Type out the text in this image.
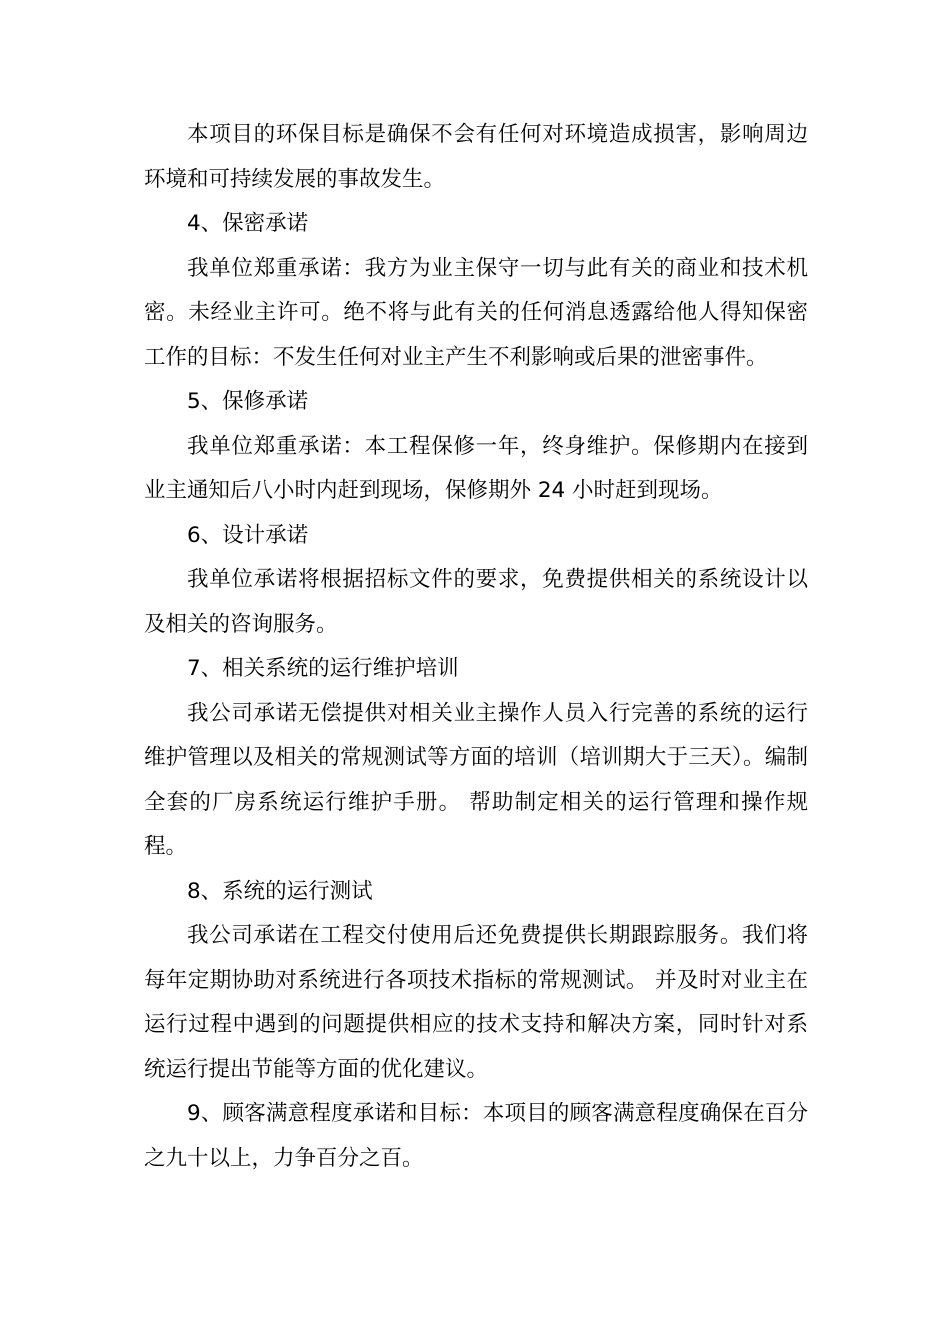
本项目的环保目标是确保不会有任何对环境造成损害，影响周边环境和可持续发展的事故发生。

4、保密承诺

我单位郑重承诺：我方为业主保守一切与此有关的商业和技术机密。未经业主许可。绝不将与此有关的任何消息透露给他人得知保密工作的目标：不发生任何对业主产生不利影响或后果的泄密事件。

5、保修承诺

我单位郑重承诺：本工程保修一年，终身维护。保修期内在接到业主通知后八小时内赶到现场，保修期外 24 小时赶到现场。

6、设计承诺

我单位承诺将根据招标文件的要求，免费提供相关的系统设计以及相关的咨询服务。

7、相关系统的运行维护培训

我公司承诺无偿提供对相关业主操作人员入行完善的系统的运行维护管理以及相关的常规测试等方面的培训（培训期大于三天）。编制全套的厂房系统运行维护手册。 帮助制定相关的运行管理和操作规程。

8、系统的运行测试

我公司承诺在工程交付使用后还免费提供长期跟踪服务。我们将每年定期协助对系统进行各项技术指标的常规测试。 并及时对业主在运行过程中遇到的问题提供相应的技术支持和解决方案，同时针对系统运行提出节能等方面的优化建议。

9、顾客满意程度承诺和目标：本项目的顾客满意程度确保在百分之九十以上，力争百分之百。
